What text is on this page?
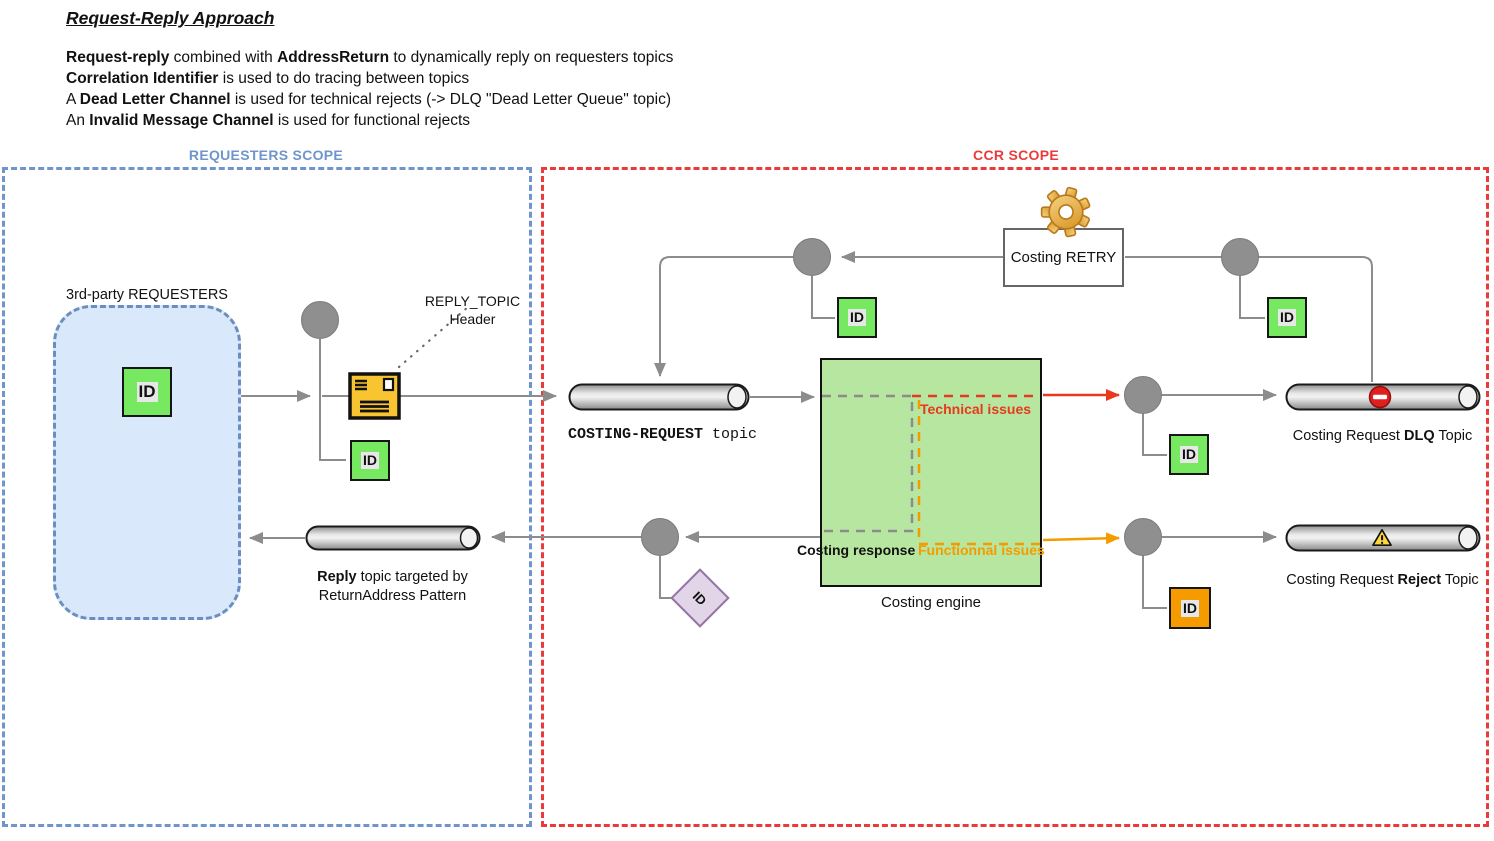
Request-Reply Approach
Request-reply combined with AddressReturn to dynamically reply on requesters topics
Correlation Identifier is used to do tracing between topics
A Dead Letter Channel is used for technical rejects (-> DLQ "Dead Letter Queue" topic)
An Invalid Message Channel is used for functional rejects
REQUESTERS SCOPE	CCR SCOPE
3rd-party REQUESTERS
ID
ID
ID	ID
ID
ID
ID
REPLY_TOPIC
Header
COSTING-REQUEST topic
Reply topic targeted by
ReturnAddress Pattern
Costing Request DLQ Topic
Costing Request Reject Topic
Technical issues
Functionnal issues
Costing response
Costing engine
Costing RETRY
